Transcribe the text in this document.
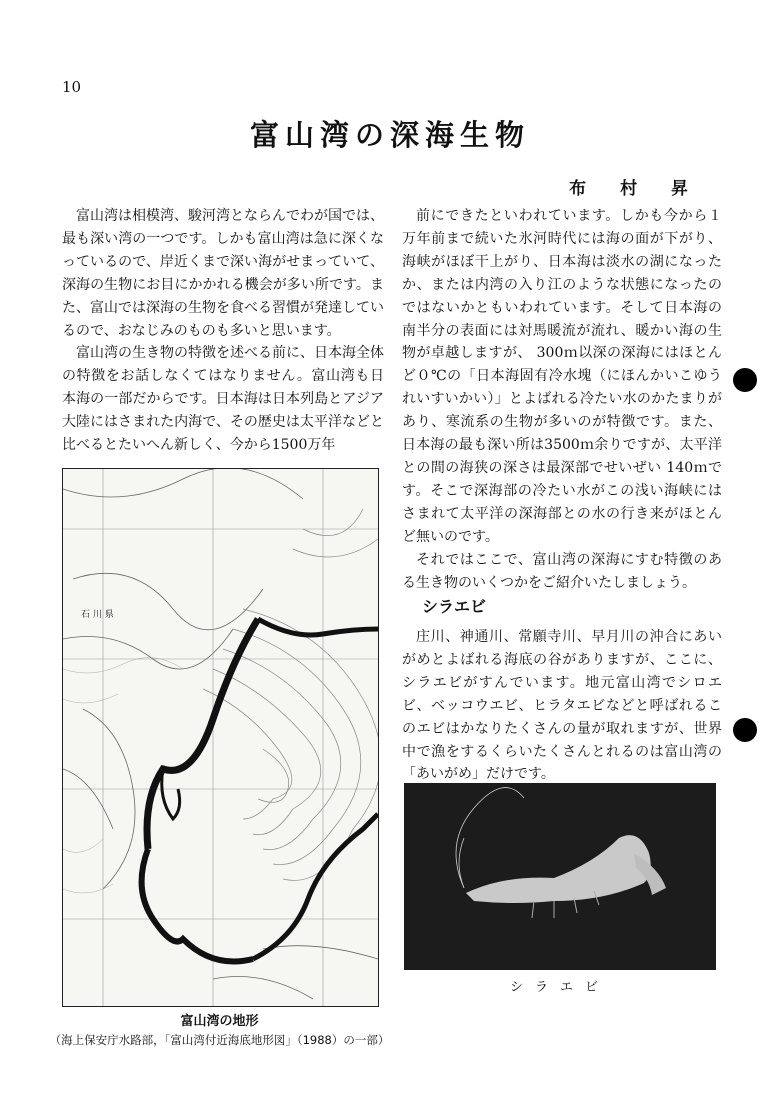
10
富山湾の深海生物
布 村 昇

富山湾は相模湾、駿河湾とならんでわが国では、最も深い湾の一つです。しかも富山湾は急に深くなっているので、岸近くまで深い海がせまっていて、深海の生物にお目にかかれる機会が多い所です。また、富山では深海の生物を食べる習慣が発達しているので、おなじみのものも多いと思います。

富山湾の生き物の特徴を述べる前に、日本海全体の特徴をお話しなくてはなりません。富山湾も日本海の一部だからです。日本海は日本列島とアジア大陸にはさまれた内海で、その歴史は太平洋などと比べるとたいへん新しく、今から1500万年

前にできたといわれています。しかも今から１万年前まで続いた氷河時代には海の面が下がり、海峡がほぼ干上がり、日本海は淡水の湖になったか、または内湾の入り江のような状態になったのではないかともいわれています。そして日本海の南半分の表面には対馬暖流が流れ、暖かい海の生物が卓越しますが、 300ｍ以深の深海にはほとんど０℃の「日本海固有冷水塊（にほんかいこゆうれいすいかい）」とよばれる冷たい水のかたまりがあり、寒流系の生物が多いのが特徴です。また、日本海の最も深い所は3500ｍ余りですが、太平洋との間の海狭の深さは最深部でせいぜい 140ｍです。そこで深海部の冷たい水がこの浅い海峡にはさまれて太平洋の深海部との水の行き来がほとんど無いのです。

それではここで、富山湾の深海にすむ特徴のある生き物のいくつかをご紹介いたしましょう。

シラエビ

庄川、神通川、常願寺川、早月川の沖合にあいがめとよばれる海底の谷がありますが、ここに、シラエビがすんでいます。地元富山湾でシロエビ、ベッコウエビ、ヒラタエビなどと呼ばれるこのエビはかなりたくさんの量が取れますが、世界中で漁をするくらいたくさんとれるのは富山湾の「あいがめ」だけです。

石 川 県
富山湾の地形
（海上保安庁水路部，「富山湾付近海底地形図」（1988）の一部）
シラエビ
